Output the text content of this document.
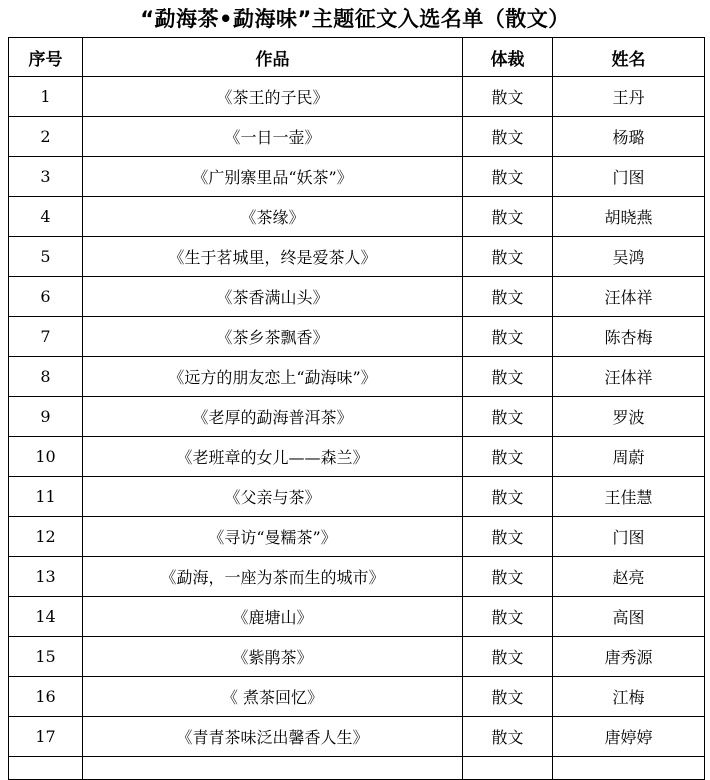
“勐海茶•勐海味”主题征文入选名单（散文）
序号	作品	体裁	姓名
1	《茶王的子民》	散文	王丹
2	《一日一壶》	散文	杨璐
3	《广别寨里品“妖茶”》	散文	门图
4	《茶缘》	散文	胡晓燕
5	《生于茗城里，终是爱茶人》	散文	吴鸿
6	《茶香满山头》	散文	汪体祥
7	《茶乡茶飘香》	散文	陈杏梅
8	《远方的朋友恋上“勐海味”》	散文	汪体祥
9	《老厚的勐海普洱茶》	散文	罗波
10	《老班章的女儿——森兰》	散文	周蔚
11	《父亲与茶》	散文	王佳慧
12	《寻访“曼糯茶”》	散文	门图
13	《勐海，一座为茶而生的城市》	散文	赵亮
14	《鹿塘山》	散文	高图
15	《紫鹃茶》	散文	唐秀源
16	《 煮茶回忆》	散文	江梅
17	《青青茶味泛出馨香人生》	散文	唐婷婷
